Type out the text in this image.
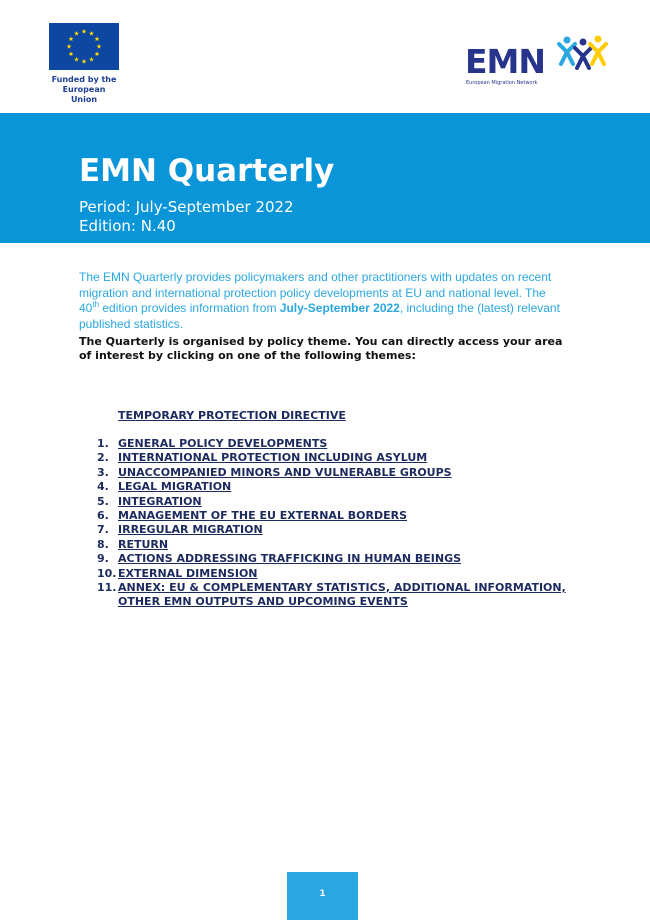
Funded by the
European Union
EMN
European Migration Network
EMN Quarterly
Period: July-September 2022
Edition: N.40
The EMN Quarterly provides policymakers and other practitioners with updates on recent migration and international protection policy developments at EU and national level. The 40th edition provides information from July-September 2022, including the (latest) relevant published statistics.
The Quarterly is organised by policy theme. You can directly access your area of interest by clicking on one of the following themes:
TEMPORARY PROTECTION DIRECTIVE
1. GENERAL POLICY DEVELOPMENTS
2. INTERNATIONAL PROTECTION INCLUDING ASYLUM
3. UNACCOMPANIED MINORS AND VULNERABLE GROUPS
4. LEGAL MIGRATION
5. INTEGRATION
6. MANAGEMENT OF THE EU EXTERNAL BORDERS
7. IRREGULAR MIGRATION
8. RETURN
9. ACTIONS ADDRESSING TRAFFICKING IN HUMAN BEINGS
10. EXTERNAL DIMENSION
11. ANNEX: EU & COMPLEMENTARY STATISTICS, ADDITIONAL INFORMATION,
OTHER EMN OUTPUTS AND UPCOMING EVENTS
1
